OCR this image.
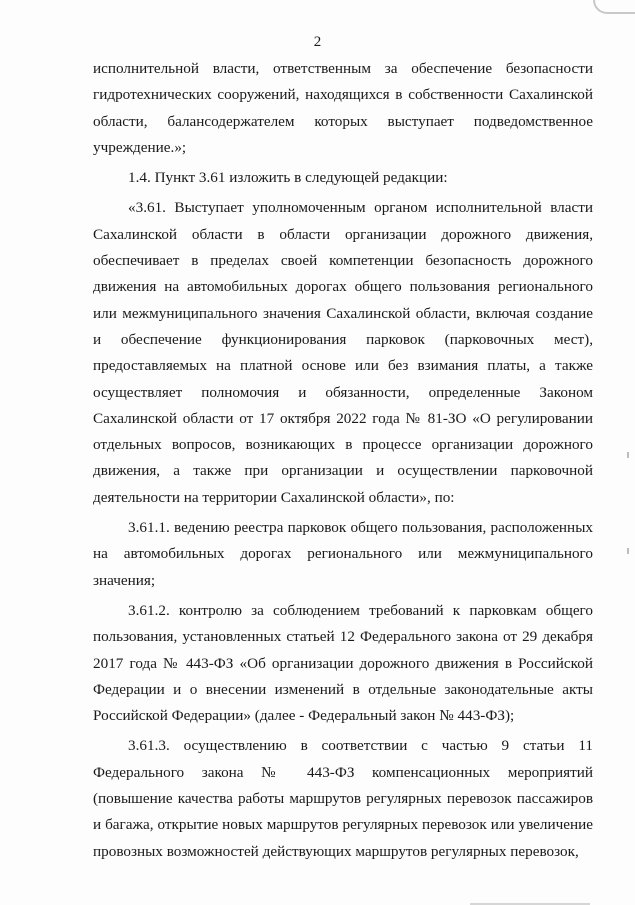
2

исполнительной власти, ответственным за обеспечение безопасности гидротехнических сооружений, находящихся в собственности Сахалинской области, балансодержателем которых выступает подведомственное учреждение.»;

1.4. Пункт 3.61 изложить в следующей редакции:

«3.61. Выступает уполномоченным органом исполнительной власти Сахалинской области в области организации дорожного движения, обеспечивает в пределах своей компетенции безопасность дорожного движения на автомобильных дорогах общего пользования регионального или межмуниципального значения Сахалинской области, включая создание и обеспечение функционирования парковок (парковочных мест), предоставляемых на платной основе или без взимания платы, а также осуществляет полномочия и обязанности, определенные Законом Сахалинской области от 17 октября 2022 года № 81-ЗО «О регулировании отдельных вопросов, возникающих в процессе организации дорожного движения, а также при организации и осуществлении парковочной деятельности на территории Сахалинской области», по:

3.61.1. ведению реестра парковок общего пользования, расположенных на автомобильных дорогах регионального или межмуниципального значения;

3.61.2. контролю за соблюдением требований к парковкам общего пользования, установленных статьей 12 Федерального закона от 29 декабря 2017 года № 443-ФЗ «Об организации дорожного движения в Российской Федерации и о внесении изменений в отдельные законодательные акты Российской Федерации» (далее - Федеральный закон № 443-ФЗ);

3.61.3. осуществлению в соответствии с частью 9 статьи 11 Федерального закона № 443-ФЗ компенсационных мероприятий (повышение качества работы маршрутов регулярных перевозок пассажиров и багажа, открытие новых маршрутов регулярных перевозок или увеличение провозных возможностей действующих маршрутов регулярных перевозок,
